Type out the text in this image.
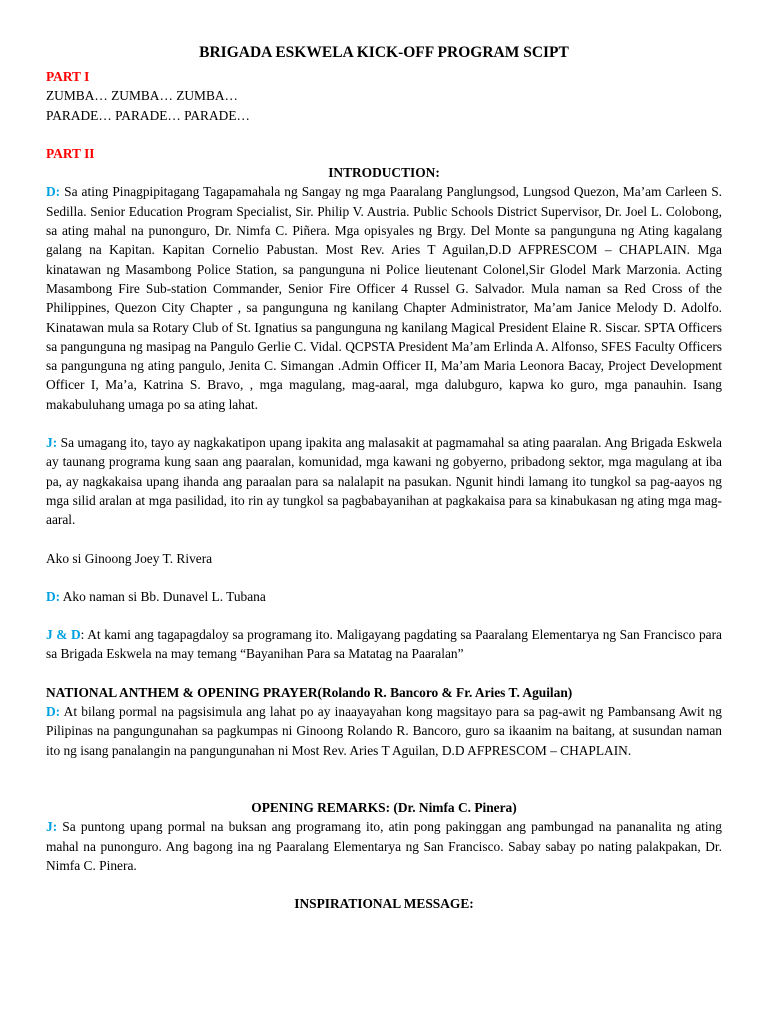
BRIGADA ESKWELA KICK-OFF PROGRAM SCIPT

PART I

ZUMBA… ZUMBA… ZUMBA…

PARADE… PARADE… PARADE…

PART II

INTRODUCTION:

D: Sa ating Pinagpipitagang Tagapamahala ng Sangay ng mga Paaralang Panglungsod, Lungsod Quezon, Ma’am Carleen S. Sedilla. Senior Education Program Specialist, Sir. Philip V. Austria. Public Schools District Supervisor, Dr. Joel L. Colobong, sa ating mahal na punonguro, Dr. Nimfa C. Piñera. Mga opisyales ng Brgy. Del Monte sa pangunguna ng Ating kagalang galang na Kapitan. Kapitan Cornelio Pabustan. Most Rev. Aries T Aguilan,D.D AFPRESCOM – CHAPLAIN. Mga kinatawan ng Masambong Police Station, sa pangunguna ni Police lieutenant Colonel,Sir Glodel Mark Marzonia. Acting Masambong Fire Sub-station Commander, Senior Fire Officer 4 Russel G. Salvador. Mula naman sa Red Cross of the Philippines, Quezon City Chapter , sa pangunguna ng kanilang Chapter Administrator, Ma’am Janice Melody D. Adolfo. Kinatawan mula sa Rotary Club of St. Ignatius sa pangunguna ng kanilang Magical President Elaine R. Siscar. SPTA Officers sa pangunguna ng masipag na Pangulo Gerlie C. Vidal. QCPSTA President Ma’am Erlinda A. Alfonso, SFES Faculty Officers sa pangunguna ng ating pangulo, Jenita C. Simangan .Admin Officer II, Ma’am Maria Leonora Bacay, Project Development Officer I, Ma’a, Katrina S. Bravo, , mga magulang, mag-aaral, mga dalubguro, kapwa ko guro, mga panauhin. Isang makabuluhang umaga po sa ating lahat.

J: Sa umagang ito, tayo ay nagkakatipon upang ipakita ang malasakit at pagmamahal sa ating paaralan. Ang Brigada Eskwela ay taunang programa kung saan ang paaralan, komunidad, mga kawani ng gobyerno, pribadong sektor, mga magulang at iba pa, ay nagkakaisa upang ihanda ang paraalan para sa nalalapit na pasukan. Ngunit hindi lamang ito tungkol sa pag-aayos ng mga silid aralan at mga pasilidad, ito rin ay tungkol sa pagbabayanihan at pagkakaisa para sa kinabukasan ng ating mga mag-aaral.

Ako si Ginoong Joey T. Rivera

D: Ako naman si Bb. Dunavel L. Tubana

J & D: At kami ang tagapagdaloy sa programang ito. Maligayang pagdating sa Paaralang Elementarya ng San Francisco para sa Brigada Eskwela na may temang “Bayanihan Para sa Matatag na Paaralan”

NATIONAL ANTHEM & OPENING PRAYER(Rolando R. Bancoro & Fr. Aries T. Aguilan)

D: At bilang pormal na pagsisimula ang lahat po ay inaayayahan kong magsitayo para sa pag-awit ng Pambansang Awit ng Pilipinas na pangungunahan sa pagkumpas ni Ginoong Rolando R. Bancoro, guro sa ikaanim na baitang, at susundan naman ito ng isang panalangin na pangungunahan ni Most Rev. Aries T Aguilan, D.D AFPRESCOM – CHAPLAIN.

OPENING REMARKS: (Dr. Nimfa C. Pinera)

J: Sa puntong upang pormal na buksan ang programang ito, atin pong pakinggan ang pambungad na pananalita ng ating mahal na punonguro. Ang bagong ina ng Paaralang Elementarya ng San Francisco. Sabay sabay po nating palakpakan, Dr. Nimfa C. Pinera.

INSPIRATIONAL MESSAGE:
